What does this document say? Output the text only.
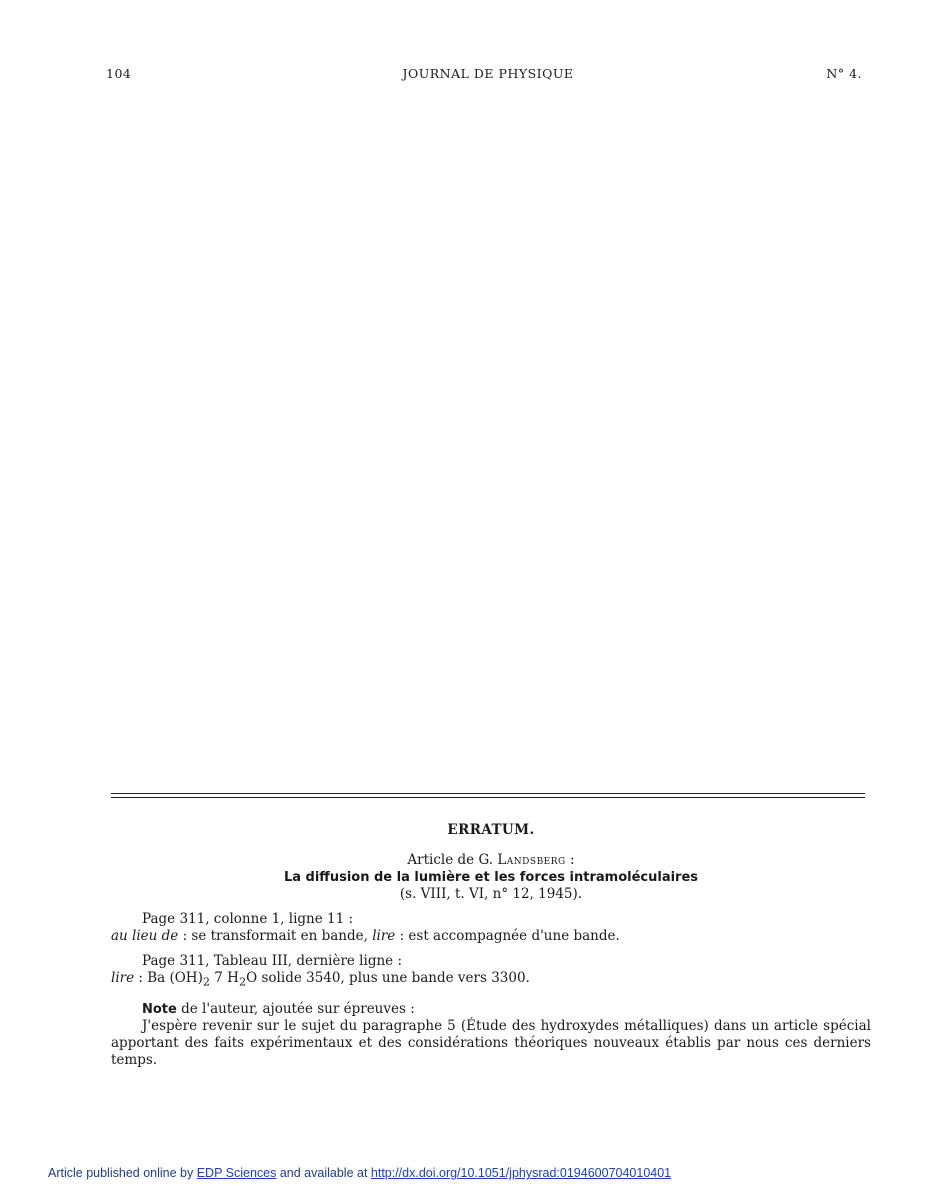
104	JOURNAL DE PHYSIQUE	N° 4.

ERRATUM.

Article de G. Landsberg :

La diffusion de la lumière et les forces intramoléculaires

(s. VIII, t. VI, n° 12, 1945).

Page 311, colonne 1, ligne 11 :

au lieu de : se transformait en bande, lire : est accompagnée d'une bande.

Page 311, Tableau III, dernière ligne :

lire : Ba $(OH)_2$ 7 $H_2O$ solide 3540, plus une bande vers 3300.

Note de l'auteur, ajoutée sur épreuves :

J'espère revenir sur le sujet du paragraphe 5 (Étude des hydroxydes métalliques) dans un article spécial apportant des faits expérimentaux et des considérations théoriques nouveaux établis par nous ces derniers temps.

Article published online by EDP Sciences and available at http://dx.doi.org/10.1051/jphysrad:0194600704010401
